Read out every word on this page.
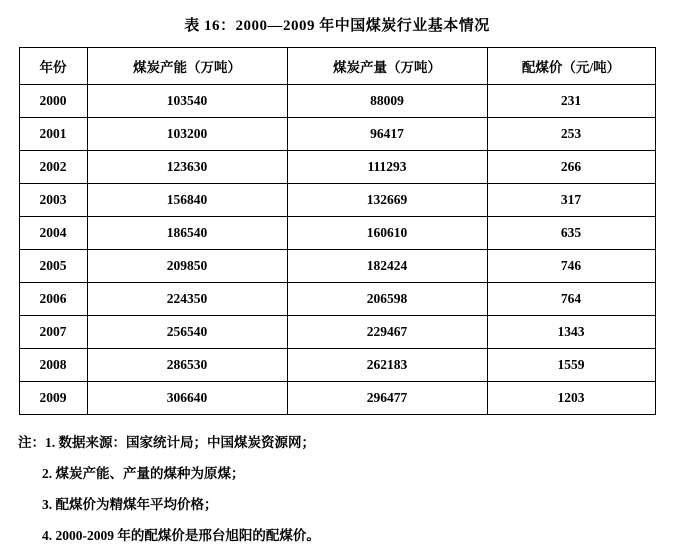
表 16：2000—2009 年中国煤炭行业基本情况
年份	煤炭产能（万吨）	煤炭产量（万吨）	配煤价（元/吨）
2000	103540	88009	231
2001	103200	96417	253
2002	123630	111293	266
2003	156840	132669	317
2004	186540	160610	635
2005	209850	182424	746
2006	224350	206598	764
2007	256540	229467	1343
2008	286530	262183	1559
2009	306640	296477	1203
注：1. 数据来源：国家统计局；中国煤炭资源网；
2. 煤炭产能、产量的煤种为原煤；
3. 配煤价为精煤年平均价格；
4. 2000-2009 年的配煤价是邢台旭阳的配煤价。
